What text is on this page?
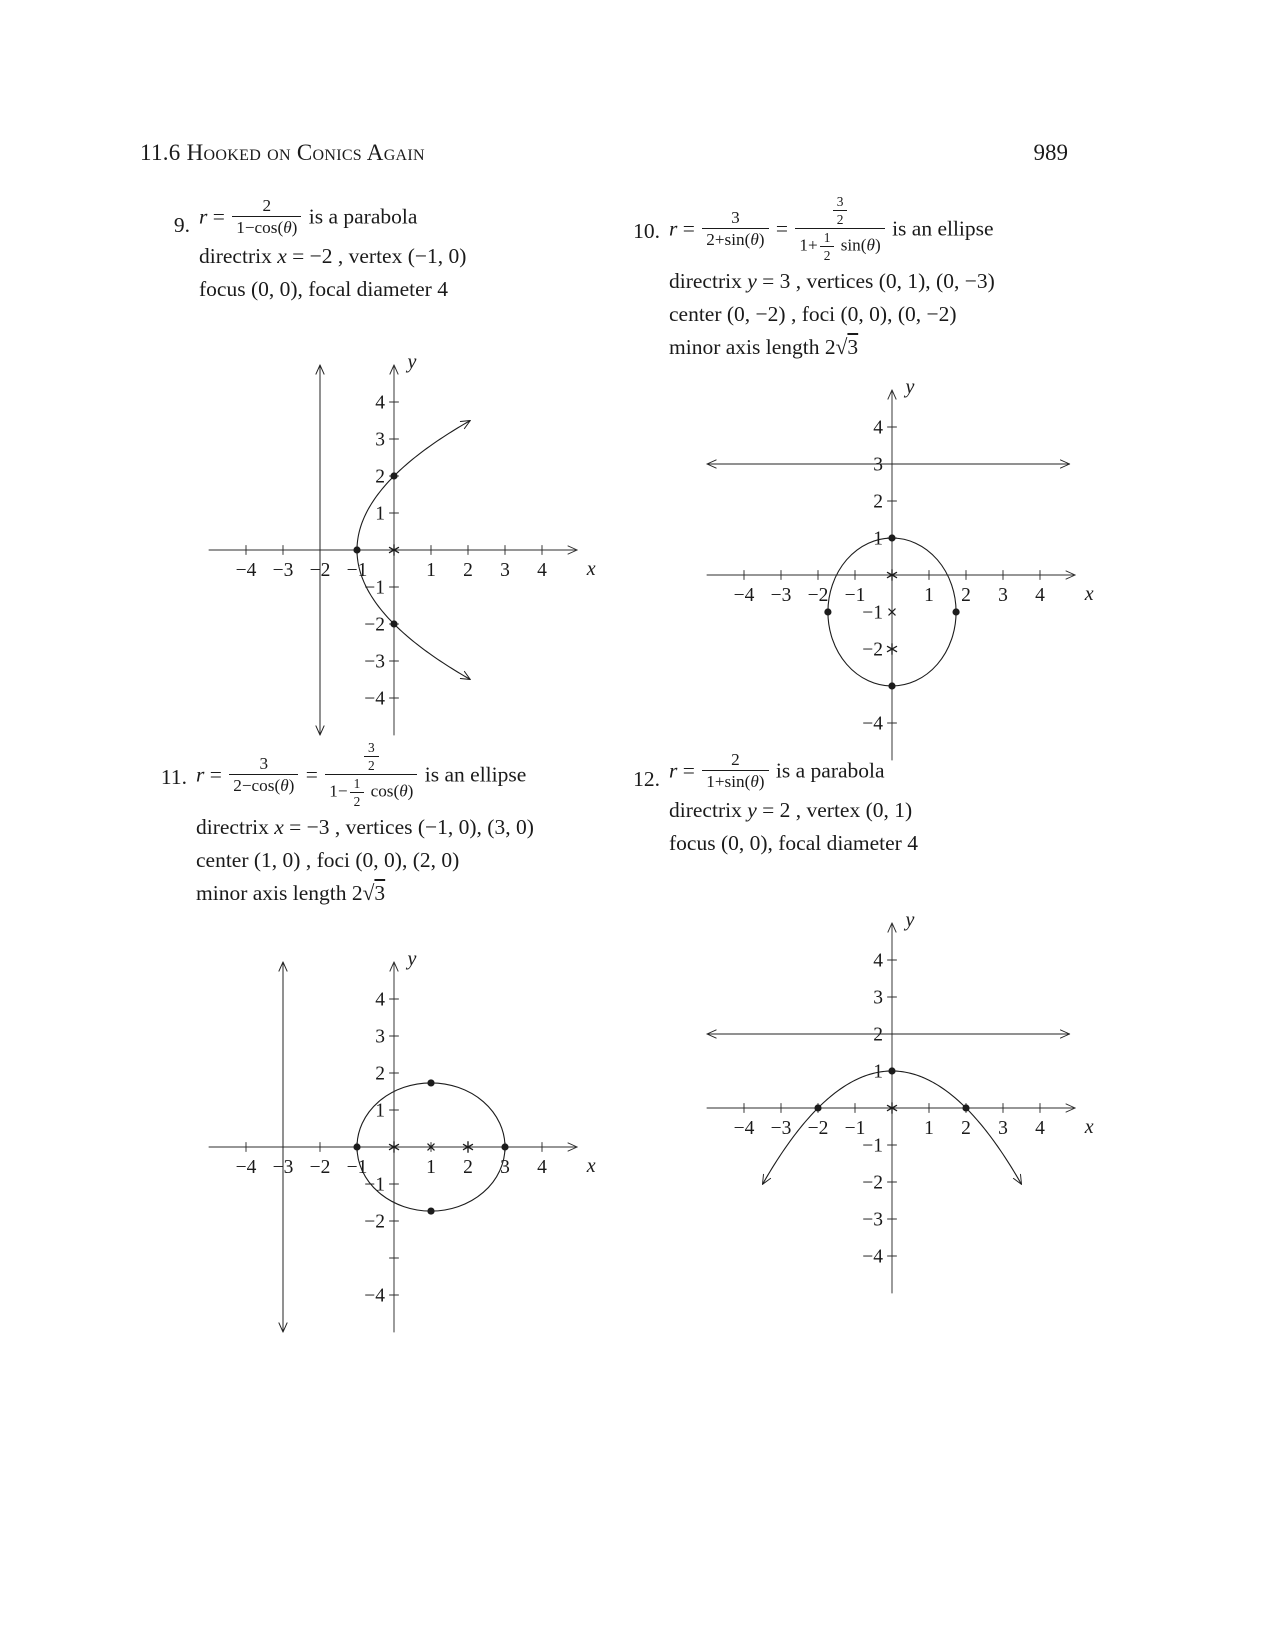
11.6 Hooked on Conics Again	989
9. $r = \frac{2}{1-\cos(\theta)}$ is a parabola
directrix x = −2 , vertex (−1, 0)
focus (0, 0), focal diameter 4
10. $r = \frac{3}{2+\sin(\theta)} = \frac{\frac{3}{2}}{1+ \frac{1}{2} \sin(\theta)}$ is an ellipse
directrix y = 3 , vertices (0, 1), (0, −3)
center (0, −2) , foci (0, 0), (0, −2)
minor axis length 2√3
11. $r = \frac{3}{2-\cos(\theta)} = \frac{\frac{3}{2}}{1- \frac{1}{2} \cos(\theta)}$ is an ellipse
directrix x = −3 , vertices (−1, 0), (3, 0)
center (1, 0) , foci (0, 0), (2, 0)
minor axis length 2√3
12. $r = \frac{2}{1+\sin(\theta)}$ is a parabola
directrix y = 2 , vertex (0, 1)
focus (0, 0), focal diameter 4
−4 −3 −2 −1	1 2 3 4 x
4
3
2
1
−1
−2
−3
−4
y
−4 −3 −2 −1	1 2 3 4 x
4
3
2
1
−1
−2
−4
y
−4 −3 −2 −1	1 2 3 4 x
4
3
2
1
−1
−2
−4
y
−4 −3 −2 −1	1 2 3 4 x
4
3
2
1
−1
−2
−3
−4
y
